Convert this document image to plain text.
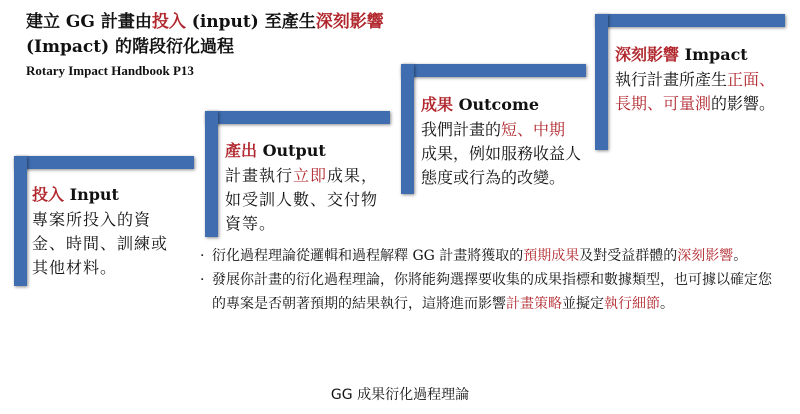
建立 GG 計畫由投入 (input) 至產生深刻影響 (Impact) 的階段衍化過程
Rotary Impact Handbook P13
投入 Input
專案所投入的資金、時間、訓練或其他材料。
產出 Output
計畫執行立即成果，如受訓人數、交付物資等。
成果 Outcome
我們計畫的短、中期成果，例如服務收益人態度或行為的改變。
深刻影響 Impact
執行計畫所產生正面、長期、可量測的影響。
· 衍化過程理論從邏輯和過程解釋 GG 計畫將獲取的預期成果及對受益群體的深刻影響。
· 發展你計畫的衍化過程理論，你將能夠選擇要收集的成果指標和數據類型，也可據以確定您的專案是否朝著預期的結果執行，這將進而影響計畫策略並擬定執行細節。
GG 成果衍化過程理論
